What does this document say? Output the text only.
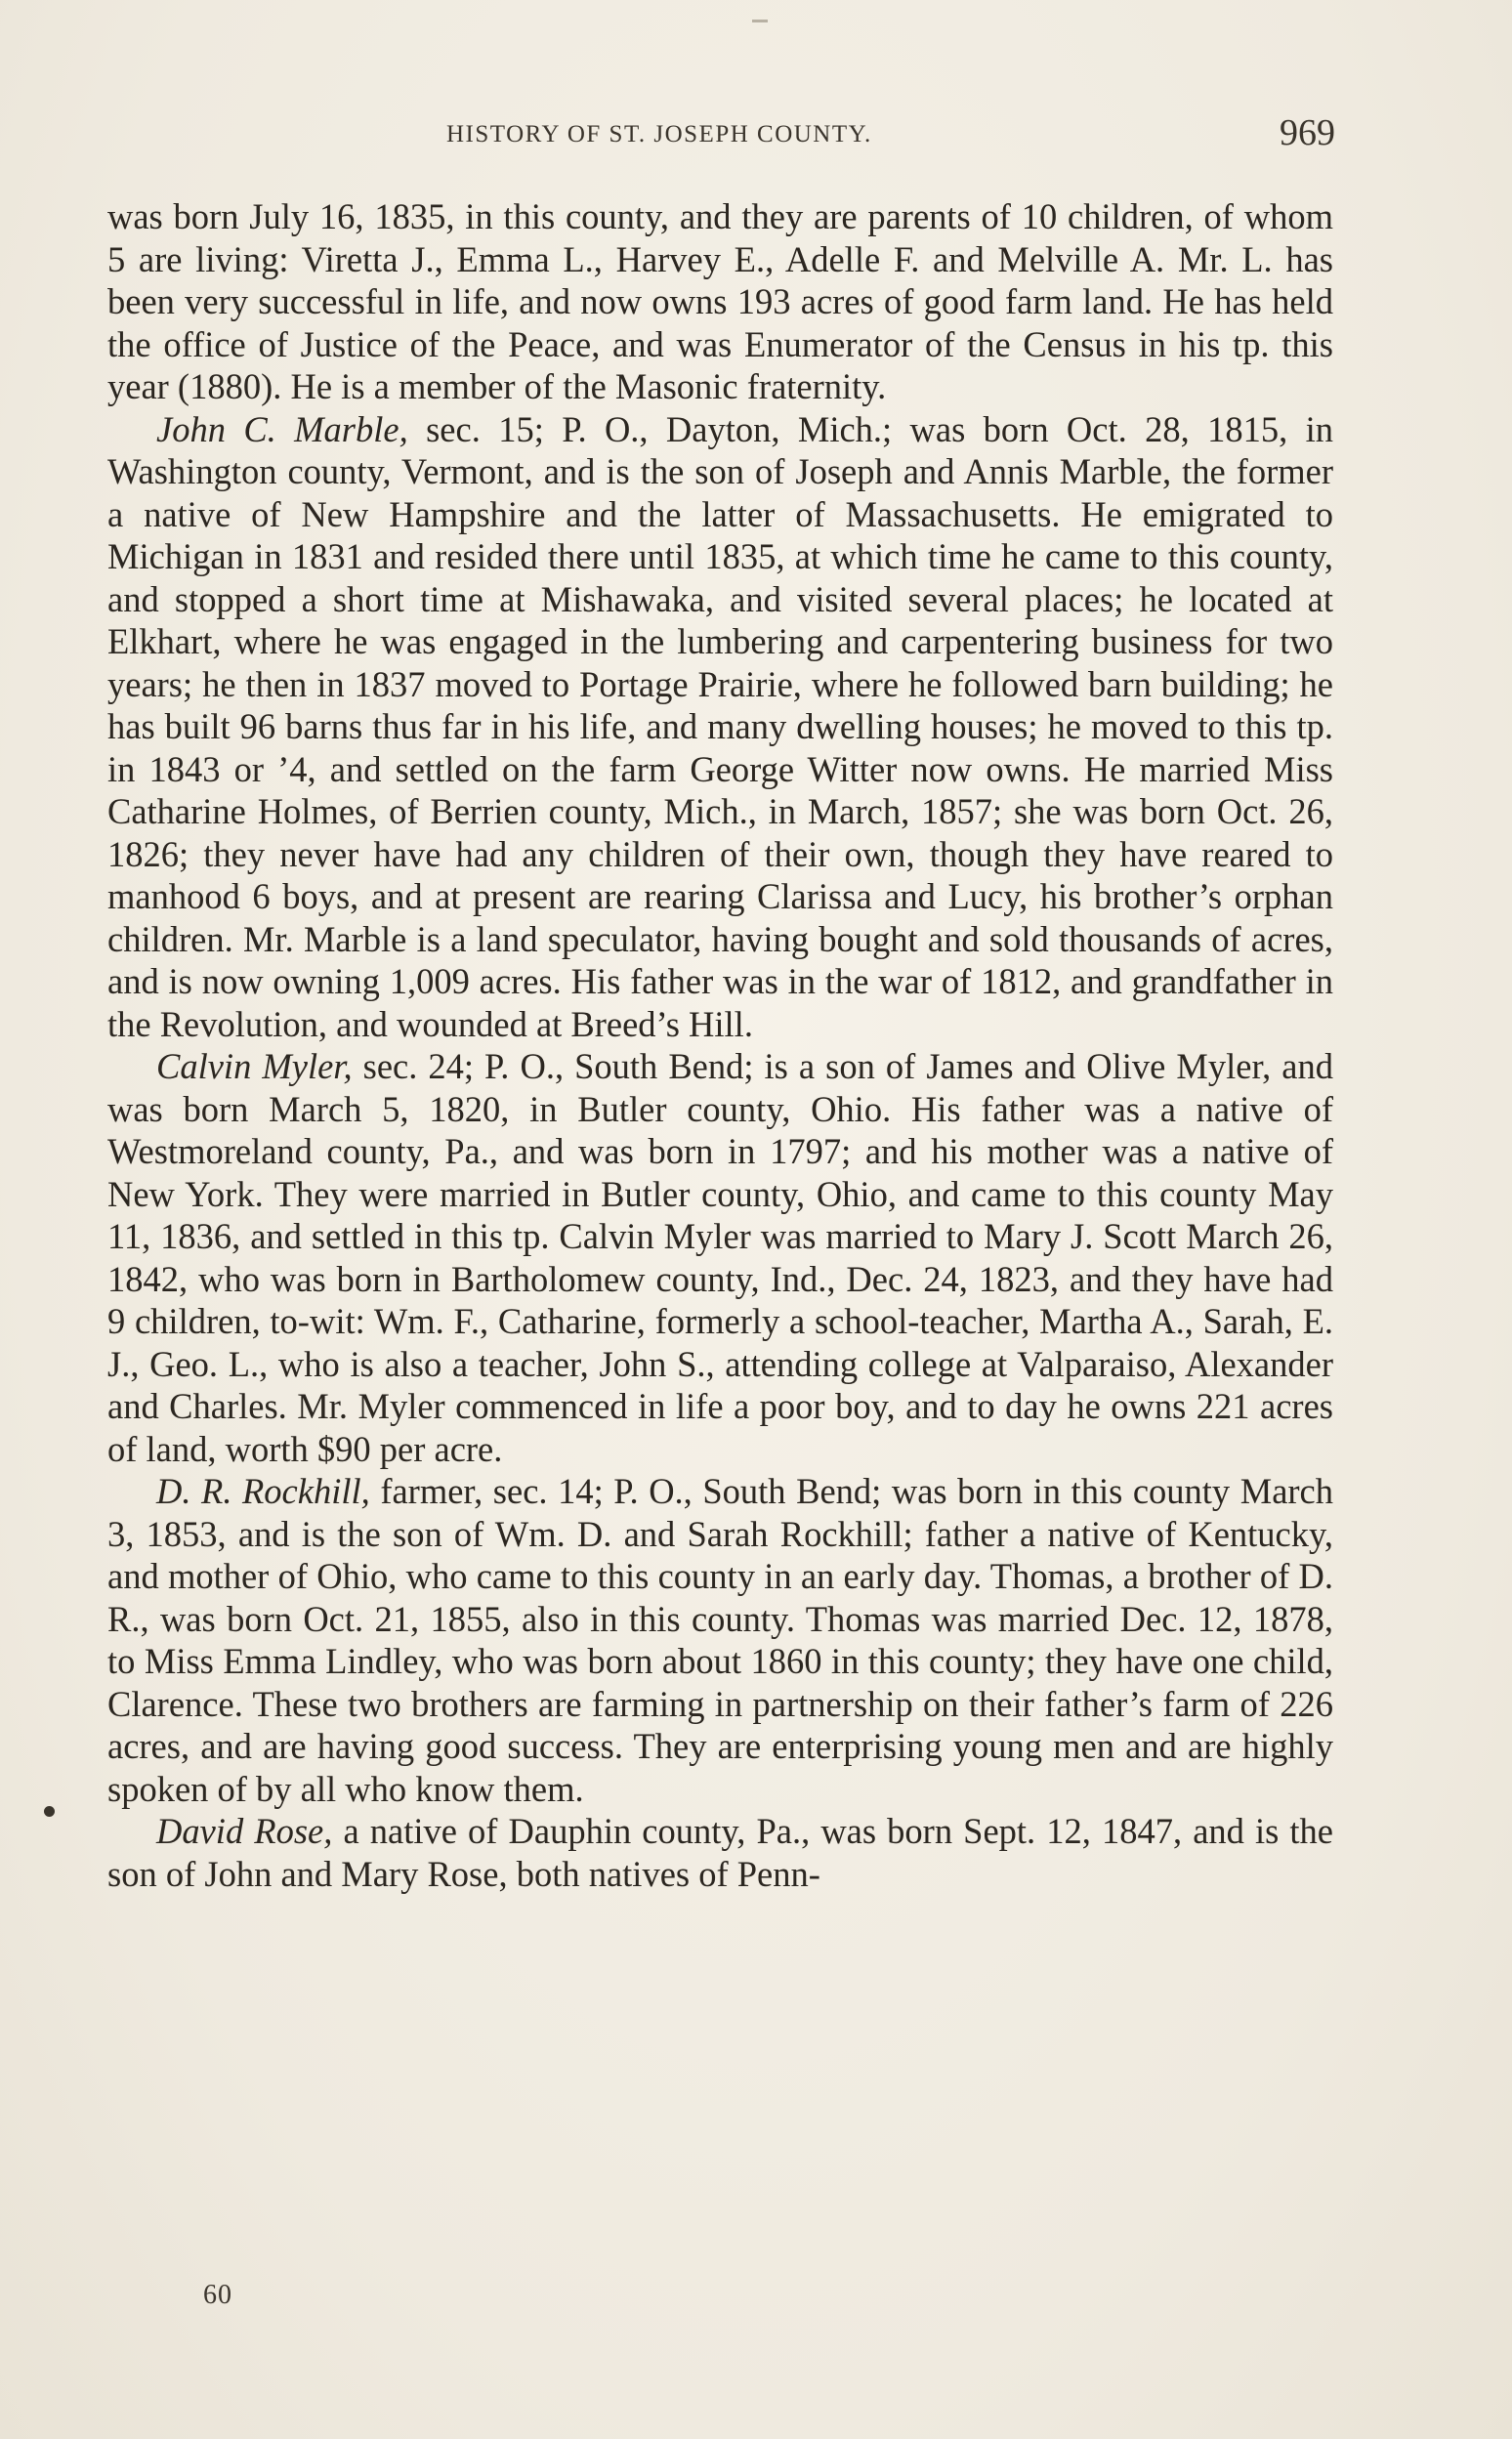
HISTORY OF ST. JOSEPH COUNTY.	969

was born July 16, 1835, in this county, and they are parents of 10 children, of whom 5 are living: Viretta J., Emma L., Harvey E., Adelle F. and Melville A. Mr. L. has been very successful in life, and now owns 193 acres of good farm land. He has held the office of Justice of the Peace, and was Enumerator of the Census in his tp. this year (1880). He is a member of the Masonic fraternity.

John C. Marble, sec. 15; P. O., Dayton, Mich.; was born Oct. 28, 1815, in Washington county, Vermont, and is the son of Joseph and Annis Marble, the former a native of New Hampshire and the latter of Massachusetts. He emigrated to Michigan in 1831 and resided there until 1835, at which time he came to this county, and stopped a short time at Mishawaka, and visited several places; he located at Elkhart, where he was engaged in the lumbering and carpentering business for two years; he then in 1837 moved to Portage Prairie, where he followed barn building; he has built 96 barns thus far in his life, and many dwelling houses; he moved to this tp. in 1843 or ’4, and settled on the farm George Witter now owns. He married Miss Catharine Holmes, of Berrien county, Mich., in March, 1857; she was born Oct. 26, 1826; they never have had any children of their own, though they have reared to manhood 6 boys, and at present are rearing Clarissa and Lucy, his brother’s orphan children. Mr. Marble is a land speculator, having bought and sold thousands of acres, and is now owning 1,009 acres. His father was in the war of 1812, and grandfather in the Revolution, and wounded at Breed’s Hill.

Calvin Myler, sec. 24; P. O., South Bend; is a son of James and Olive Myler, and was born March 5, 1820, in Butler county, Ohio. His father was a native of Westmoreland county, Pa., and was born in 1797; and his mother was a native of New York. They were married in Butler county, Ohio, and came to this county May 11, 1836, and settled in this tp. Calvin Myler was married to Mary J. Scott March 26, 1842, who was born in Bartholomew county, Ind., Dec. 24, 1823, and they have had 9 children, to-wit: Wm. F., Catharine, formerly a school-teacher, Martha A., Sarah, E. J., Geo. L., who is also a teacher, John S., attending college at Valparaiso, Alexander and Charles. Mr. Myler commenced in life a poor boy, and to day he owns 221 acres of land, worth $90 per acre.

D. R. Rockhill, farmer, sec. 14; P. O., South Bend; was born in this county March 3, 1853, and is the son of Wm. D. and Sarah Rockhill; father a native of Kentucky, and mother of Ohio, who came to this county in an early day. Thomas, a brother of D. R., was born Oct. 21, 1855, also in this county. Thomas was married Dec. 12, 1878, to Miss Emma Lindley, who was born about 1860 in this county; they have one child, Clarence. These two brothers are farming in partnership on their father’s farm of 226 acres, and are having good success. They are enterprising young men and are highly spoken of by all who know them.

David Rose, a native of Dauphin county, Pa., was born Sept. 12, 1847, and is the son of John and Mary Rose, both natives of Penn-

60
